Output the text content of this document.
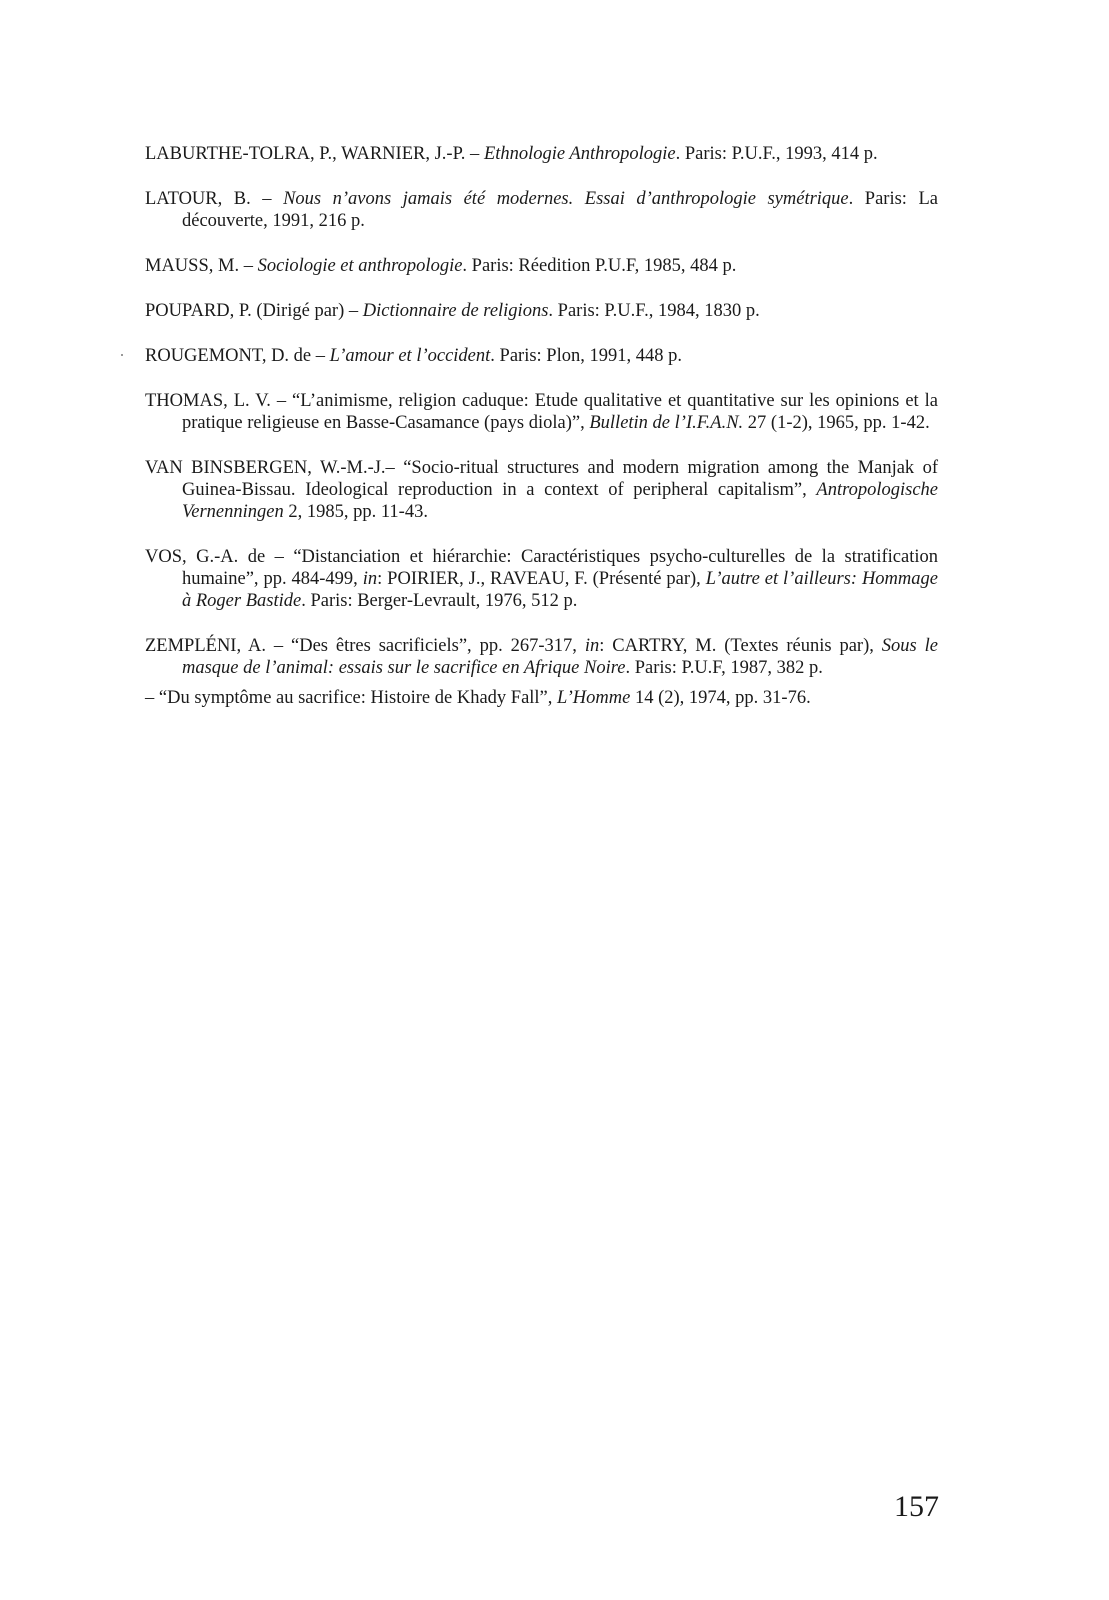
LABURTHE-TOLRA, P., WARNIER, J.-P. – Ethnologie Anthropologie. Paris: P.U.F., 1993, 414 p.
LATOUR, B. – Nous n’avons jamais été modernes. Essai d’anthropologie symétrique. Paris: La découverte, 1991, 216 p.
MAUSS, M. – Sociologie et anthropologie. Paris: Réedition P.U.F, 1985, 484 p.
POUPARD, P. (Dirigé par) – Dictionnaire de religions. Paris: P.U.F., 1984, 1830 p.
ROUGEMONT, D. de – L’amour et l’occident. Paris: Plon, 1991, 448 p.
THOMAS, L. V. – “L’animisme, religion caduque: Etude qualitative et quantitative sur les opinions et la pratique religieuse en Basse-Casamance (pays diola)”, Bulletin de l’I.F.A.N. 27 (1-2), 1965, pp. 1-42.
VAN BINSBERGEN, W.-M.-J.– “Socio-ritual structures and modern migration among the Manjak of Guinea-Bissau. Ideological reproduction in a context of peripheral capitalism”, Antropologische Vernenningen 2, 1985, pp. 11-43.
VOS, G.-A. de – “Distanciation et hiérarchie: Caractéristiques psycho-culturelles de la stratification humaine”, pp. 484-499, in: POIRIER, J., RAVEAU, F. (Présenté par), L’autre et l’ailleurs: Hommage à Roger Bastide. Paris: Berger-Levrault, 1976, 512 p.
ZEMPLÉNI, A. – “Des êtres sacrificiels”, pp. 267-317, in: CARTRY, M. (Textes réunis par), Sous le masque de l’animal: essais sur le sacrifice en Afrique Noire. Paris: P.U.F, 1987, 382 p.
– “Du symptôme au sacrifice: Histoire de Khady Fall”, L’Homme 14 (2), 1974, pp. 31-76.
157
